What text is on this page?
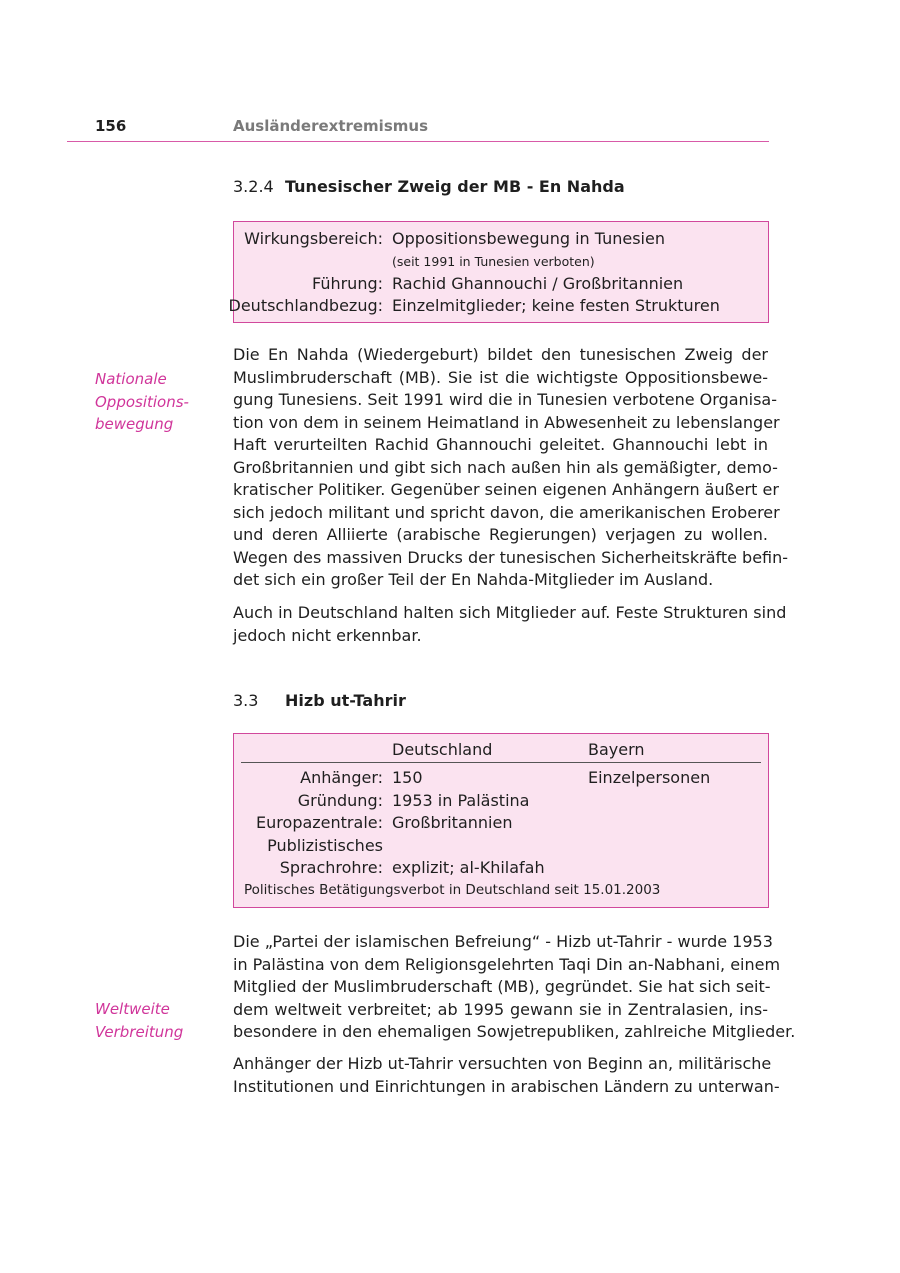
156	Ausländerextremismus
3.2.4 Tunesischer Zweig der MB - En Nahda
Wirkungsbereich: Oppositionsbewegung in Tunesien
(seit 1991 in Tunesien verboten)
Führung: Rachid Ghannouchi / Großbritannien
Deutschlandbezug: Einzelmitglieder; keine festen Strukturen
Nationale
Oppositions-
bewegung
Die En Nahda (Wiedergeburt) bildet den tunesischen Zweig der
Muslimbruderschaft (MB). Sie ist die wichtigste Oppositionsbewe-
gung Tunesiens. Seit 1991 wird die in Tunesien verbotene Organisa-
tion von dem in seinem Heimatland in Abwesenheit zu lebenslanger
Haft verurteilten Rachid Ghannouchi geleitet. Ghannouchi lebt in
Großbritannien und gibt sich nach außen hin als gemäßigter, demo-
kratischer Politiker. Gegenüber seinen eigenen Anhängern äußert er
sich jedoch militant und spricht davon, die amerikanischen Eroberer
und deren Alliierte (arabische Regierungen) verjagen zu wollen.
Wegen des massiven Drucks der tunesischen Sicherheitskräfte befin-
det sich ein großer Teil der En Nahda-Mitglieder im Ausland.
Auch in Deutschland halten sich Mitglieder auf. Feste Strukturen sind
jedoch nicht erkennbar.
3.3 Hizb ut-Tahrir
Deutschland	Bayern
Anhänger: 150	Einzelpersonen
Gründung: 1953 in Palästina
Europazentrale: Großbritannien
Publizistisches
Sprachrohre: explizit; al-Khilafah
Politisches Betätigungsverbot in Deutschland seit 15.01.2003
Weltweite
Verbreitung
Die „Partei der islamischen Befreiung“ - Hizb ut-Tahrir - wurde 1953
in Palästina von dem Religionsgelehrten Taqi Din an-Nabhani, einem
Mitglied der Muslimbruderschaft (MB), gegründet. Sie hat sich seit-
dem weltweit verbreitet; ab 1995 gewann sie in Zentralasien, ins-
besondere in den ehemaligen Sowjetrepubliken, zahlreiche Mitglieder.
Anhänger der Hizb ut-Tahrir versuchten von Beginn an, militärische
Institutionen und Einrichtungen in arabischen Ländern zu unterwan-
